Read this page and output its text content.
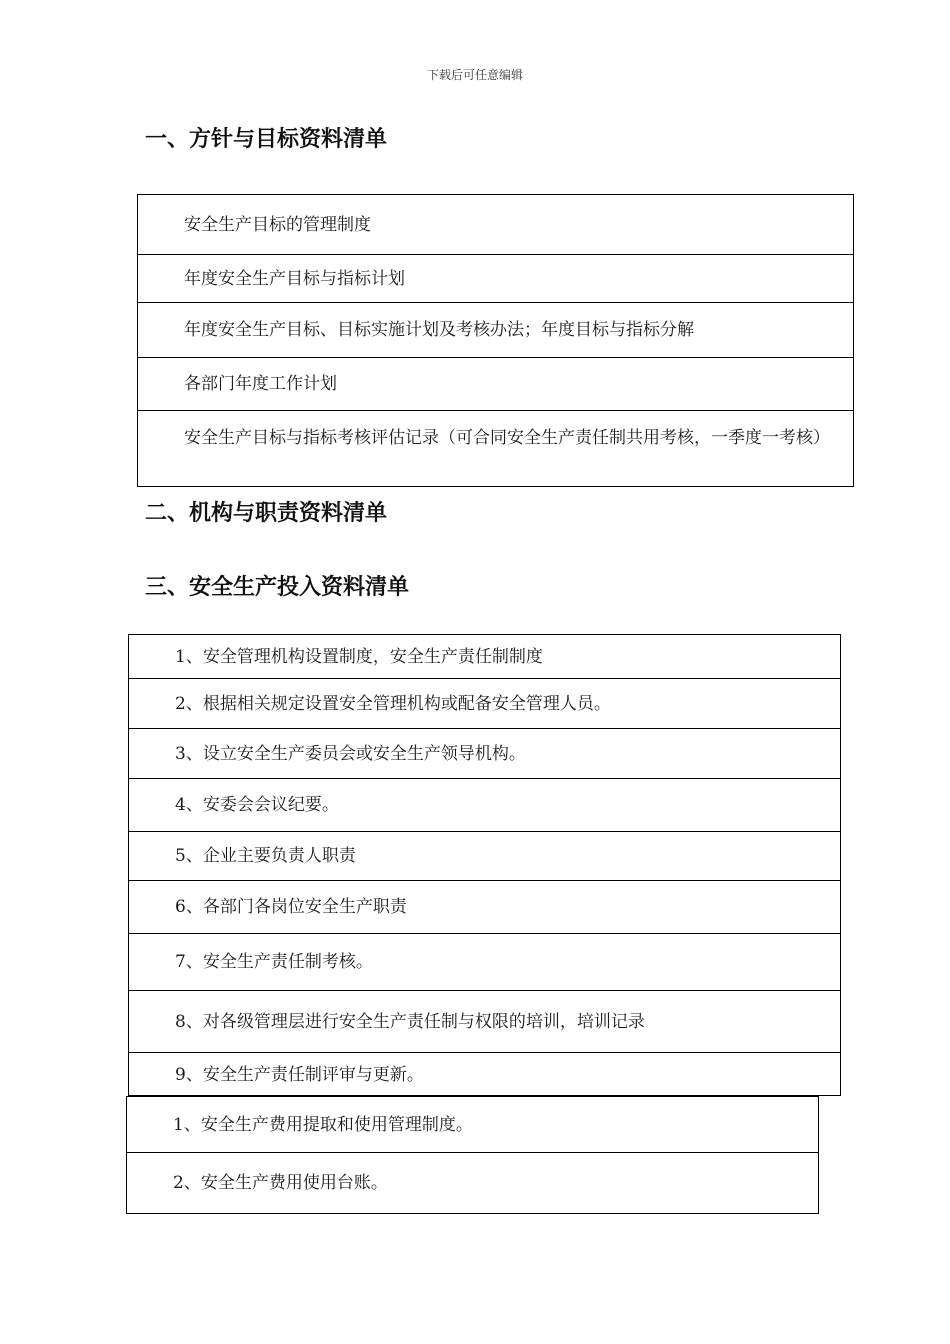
下载后可任意编辑
一、方针与目标资料清单
安全生产目标的管理制度
年度安全生产目标与指标计划
年度安全生产目标、目标实施计划及考核办法；年度目标与指标分解
各部门年度工作计划
安全生产目标与指标考核评估记录（可合同安全生产责任制共用考核，一季度一考核）
二、机构与职责资料清单
三、安全生产投入资料清单
1、安全管理机构设置制度，安全生产责任制制度
2、根据相关规定设置安全管理机构或配备安全管理人员。
3、设立安全生产委员会或安全生产领导机构。
4、安委会会议纪要。
5、企业主要负责人职责
6、各部门各岗位安全生产职责
7、安全生产责任制考核。
8、对各级管理层进行安全生产责任制与权限的培训，培训记录
9、安全生产责任制评审与更新。
1、安全生产费用提取和使用管理制度。
2、安全生产费用使用台账。
